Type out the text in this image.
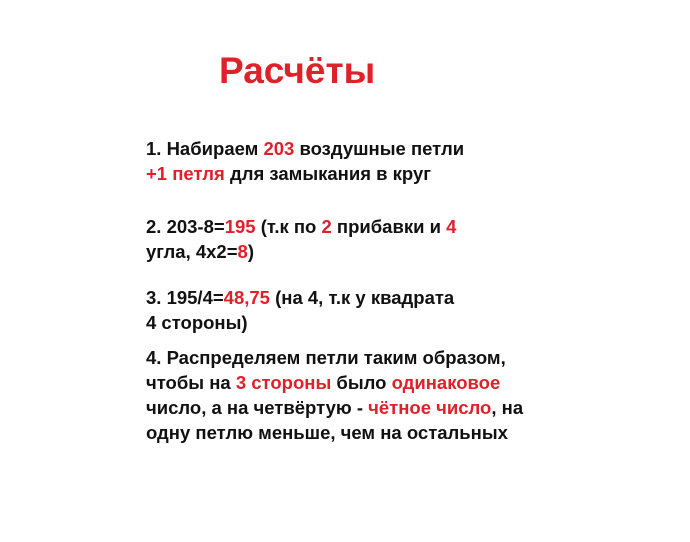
Расчёты
1. Набираем 203 воздушные петли
+1 петля для замыкания в круг
2. 203-8=195 (т.к по 2 прибавки и 4
угла, 4х2=8)
3. 195/4=48,75 (на 4, т.к у квадрата
4 стороны)
4. Распределяем петли таким образом,
чтобы на 3 стороны было одинаковое
число, а на четвёртую - чётное число, на
одну петлю меньше, чем на остальных
